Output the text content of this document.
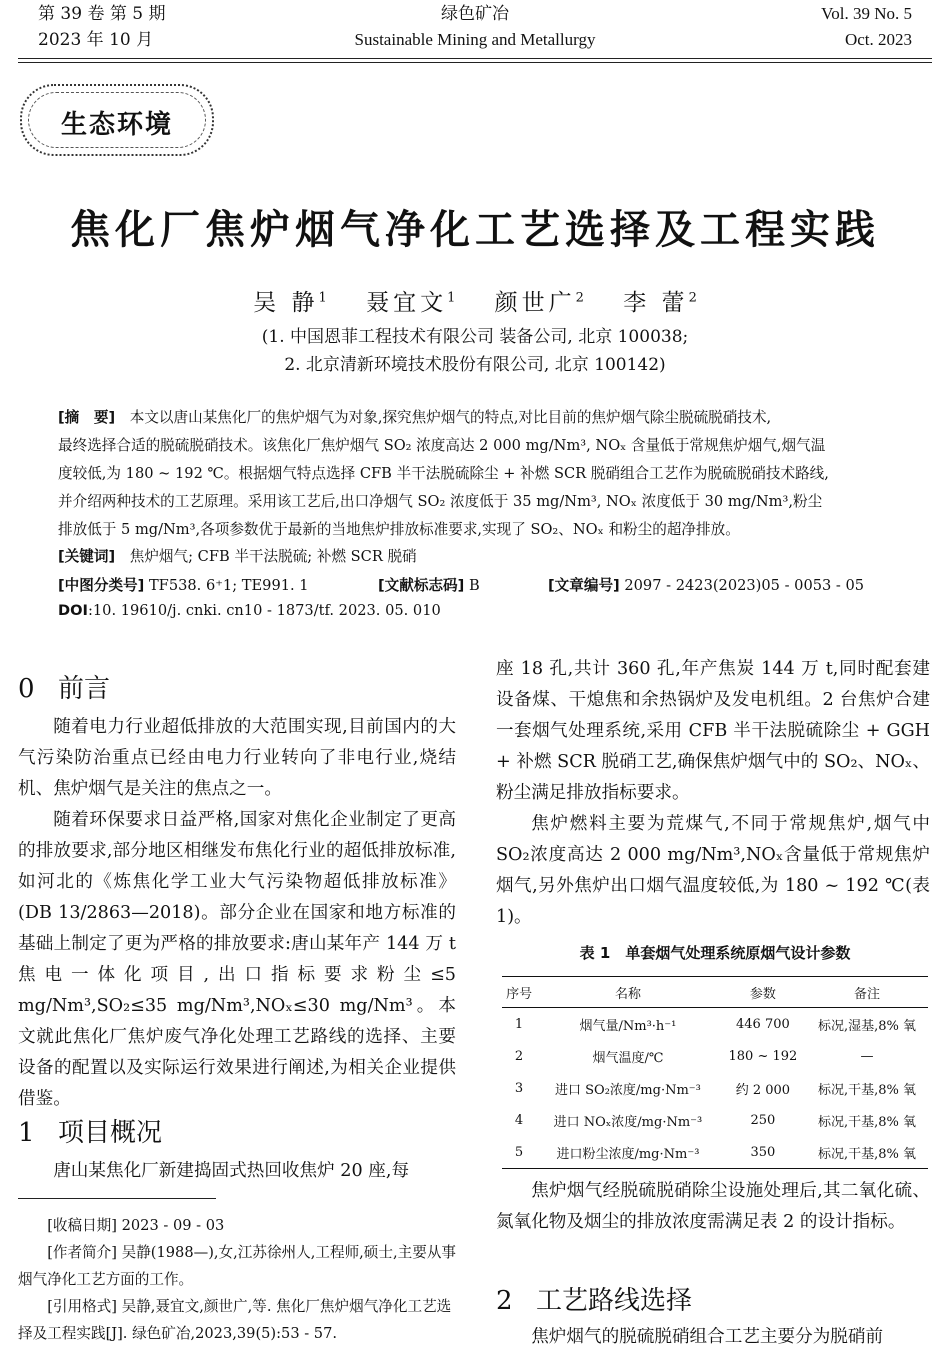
第 39 卷 第 5 期
2023 年 10 月
绿色矿冶
Sustainable Mining and Metallurgy
Vol. 39 No. 5
Oct. 2023
生态环境
焦化厂焦炉烟气净化工艺选择及工程实践
吴 静$^1$ 聂宜文$^1$ 颜世广$^2$ 李 蕾$^2$
(1. 中国恩菲工程技术有限公司 装备公司, 北京 100038;
2. 北京清新环境技术股份有限公司, 北京 100142)
[摘　要]　 本文以唐山某焦化厂的焦炉烟气为对象,探究焦炉烟气的特点,对比目前的焦炉烟气除尘脱硫脱硝技术,
最终选择合适的脱硫脱硝技术。该焦化厂焦炉烟气 SO₂ 浓度高达 2 000 mg/Nm³, NOₓ 含量低于常规焦炉烟气,烟气温
度较低,为 180 ~ 192 ℃。根据烟气特点选择 CFB 半干法脱硫除尘 + 补燃 SCR 脱硝组合工艺作为脱硫脱硝技术路线,
并介绍两种技术的工艺原理。采用该工艺后,出口净烟气 SO₂ 浓度低于 35 mg/Nm³, NOₓ 浓度低于 30 mg/Nm³,粉尘
排放低于 5 mg/Nm³,各项参数优于最新的当地焦炉排放标准要求,实现了 SO₂、NOₓ 和粉尘的超净排放。
[关键词]　 焦炉烟气; CFB 半干法脱硫; 补燃 SCR 脱硝
[中图分类号] TF538. 6⁺1; TE991. 1	[文献标志码] B	[文章编号] 2097 - 2423(2023)05 - 0053 - 05
DOI:10. 19610/j. cnki. cn10 - 1873/tf. 2023. 05. 010
0 前言

随着电力行业超低排放的大范围实现,目前国内的大气污染防治重点已经由电力行业转向了非电行业,烧结机、焦炉烟气是关注的焦点之一。

随着环保要求日益严格,国家对焦化企业制定了更高的排放要求,部分地区相继发布焦化行业的超低排放标准,如河北的《炼焦化学工业大气污染物超低排放标准》(DB 13/2863—2018)。部分企业在国家和地方标准的基础上制定了更为严格的排放要求:唐山某年产 144 万 t 焦电一体化项目,出口指标要求粉尘≤5 mg/Nm³,SO₂≤35 mg/Nm³,NOₓ≤30 mg/Nm³。本文就此焦化厂焦炉废气净化处理工艺路线的选择、主要设备的配置以及实际运行效果进行阐述,为相关企业提供借鉴。

1 项目概况

唐山某焦化厂新建捣固式热回收焦炉 20 座,每

[收稿日期] 2023 - 09 - 03

[作者简介] 吴静(1988—),女,江苏徐州人,工程师,硕士,主要从事烟气净化工艺方面的工作。

[引用格式] 吴静,聂宜文,颜世广,等. 焦化厂焦炉烟气净化工艺选择及工程实践[J]. 绿色矿冶,2023,39(5):53 - 57.

座 18 孔,共计 360 孔,年产焦炭 144 万 t,同时配套建设备煤、干熄焦和余热锅炉及发电机组。2 台焦炉合建一套烟气处理系统,采用 CFB 半干法脱硫除尘 + GGH + 补燃 SCR 脱硝工艺,确保焦炉烟气中的 SO₂、NOₓ、粉尘满足排放指标要求。

焦炉燃料主要为荒煤气,不同于常规焦炉,烟气中 SO₂浓度高达 2 000 mg/Nm³,NOₓ含量低于常规焦炉烟气,另外焦炉出口烟气温度较低,为 180 ~ 192 ℃(表 1)。

表 1　单套烟气处理系统原烟气设计参数
序号	名称	参数	备注
1	烟气量/Nm³·h⁻¹	446 700	标况,湿基,8% 氧
2	烟气温度/℃	180 ~ 192	—
3	进口 SO₂浓度/mg·Nm⁻³	约 2 000	标况,干基,8% 氧
4	进口 NOₓ浓度/mg·Nm⁻³	250	标况,干基,8% 氧
5	进口粉尘浓度/mg·Nm⁻³	350	标况,干基,8% 氧

焦炉烟气经脱硫脱硝除尘设施处理后,其二氧化硫、氮氧化物及烟尘的排放浓度需满足表 2 的设计指标。

2 工艺路线选择

焦炉烟气的脱硫脱硝组合工艺主要分为脱硝前
